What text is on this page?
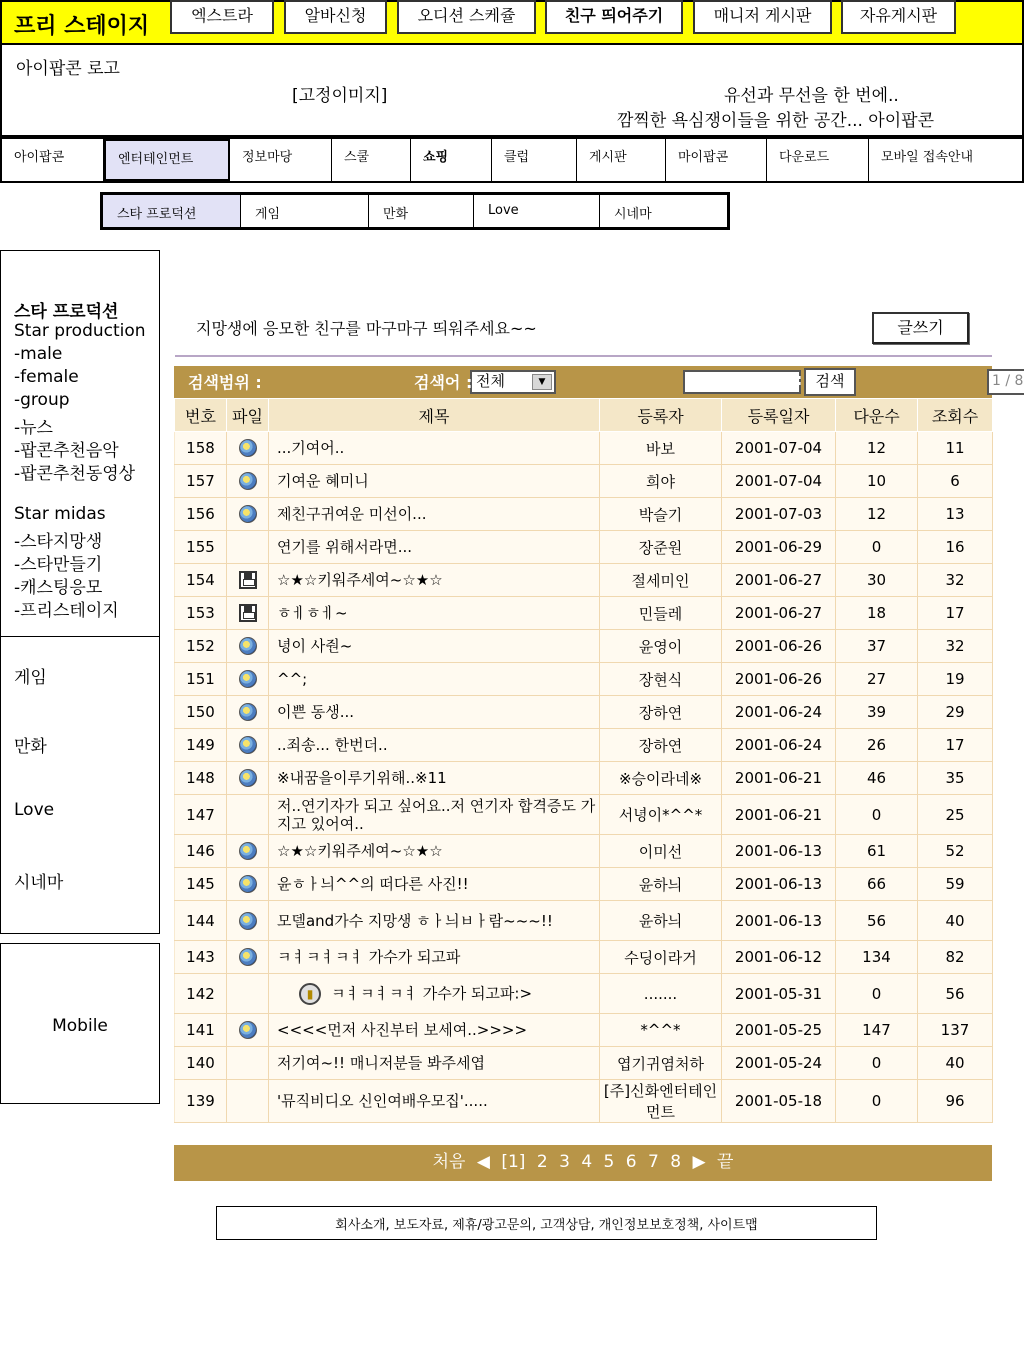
프리 스테이지
아이팝콘 로고
[고정이미지]	유선과 무선을 한 번에..
깜찍한 욕심쟁이들을 위한 공간... 아이팝콘
아이팝콘	엔터테인먼트	정보마당	스쿨	쇼핑	클럽	게시판	마이팝콘	다운로드	모바일 접속안내
스타 프로덕션	게임	만화	Love	시네마
스타 프로덕션
Star production
-male
-female
-group
-뉴스
-팝콘추천음악
-팝콘추천동영상
Star midas
-스타지망생
-스타만들기
-캐스팅응모
-프리스테이지
게임
만화
Love
시네마
Mobile
엑스트라	알바신청	오디션 스케쥴	친구 띄어주기	매니저 게시판	자유게시판
지망생에 응모한 친구를 마구마구 띄워주세요~~	글쓰기
검색범위 :	전체	▼
검색어 :	검색
Page :	1 / 8
번호	파일	제목	등록자	등록일자	다운수	조회수
158		...기여어..	바보	2001-07-04	12	11
157		기여운 혜미니	희야	2001-07-04	10	6
156		제친구귀여운 미선이...	박슬기	2001-07-03	12	13
155		연기를 위해서라면...	장준원	2001-06-29	0	16
154		☆★☆키워주세여~☆★☆	절세미인	2001-06-27	30	32
153		ㅎㅔㅎㅔ~	민들레	2001-06-27	18	17
152		녕이 사줜~	윤영이	2001-06-26	37	32
151		^^;	장현식	2001-06-26	27	19
150		이쁜 동생...	장하연	2001-06-24	39	29
149		..죄송... 한번더..	장하연	2001-06-24	26	17
148		※내꿈을이루기위해..※11	※승이라네※	2001-06-21	46	35
147		저..연기자가 되고 싶어요..저 연기자 합격증도 가지고 있어여..	서녕이*^^*	2001-06-21	0	25
146		☆★☆키워주세여~☆★☆	이미선	2001-06-13	61	52
145		윤ㅎㅏ늬^^의 떠다른 사진!!	윤하늬	2001-06-13	66	59
144		모델and가수 지망생 ㅎㅏ늬ㅂㅏ람~~~!!	윤하늬	2001-06-13	56	40
143		ㅋㅕㅋㅕㅋㅕ 가수가 되고파	수딩이라거	2001-06-12	134	82
142		▮ ㅋㅕㅋㅕㅋㅕ 가수가 되고파:>	.......	2001-05-31	0	56
141		<<<<먼저 사진부터 보세여..>>>>	*^^*	2001-05-25	147	137
140		저기여~!! 매니저분들 봐주세엽	엽기귀염처하	2001-05-24	0	40
139		'뮤직비디오 신인여배우모집'.....	[주]신화엔터테인먼트	2001-05-18	0	96
처음 ◀ [1] 2 3 4 5 6 7 8 ▶ 끝
회사소개, 보도자료, 제휴/광고문의, 고객상담, 개인정보보호정책, 사이트맵
